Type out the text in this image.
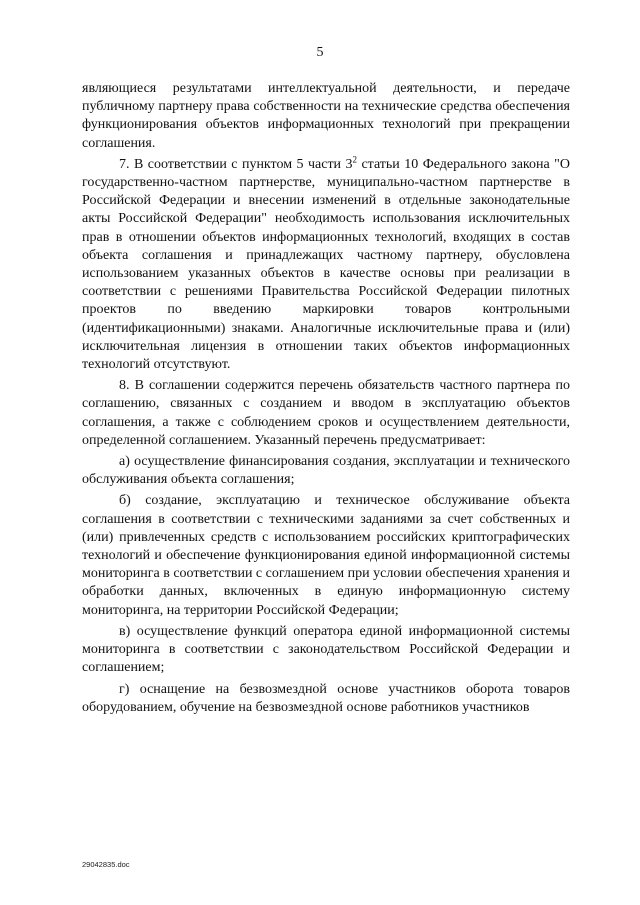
5

являющиеся результатами интеллектуальной деятельности, и передаче публичному партнеру права собственности на технические средства обеспечения функционирования объектов информационных технологий при прекращении соглашения.

7. В соответствии с пунктом 5 части $3^2$ статьи 10 Федерального закона "О государственно-частном партнерстве, муниципально-частном партнерстве в Российской Федерации и внесении изменений в отдельные законодательные акты Российской Федерации" необходимость использования исключительных прав в отношении объектов информационных технологий, входящих в состав объекта соглашения и принадлежащих частному партнеру, обусловлена использованием указанных объектов в качестве основы при реализации в соответствии с решениями Правительства Российской Федерации пилотных проектов по введению маркировки товаров контрольными (идентификационными) знаками. Аналогичные исключительные права и (или) исключительная лицензия в отношении таких объектов информационных технологий отсутствуют.

8. В соглашении содержится перечень обязательств частного партнера по соглашению, связанных с созданием и вводом в эксплуатацию объектов соглашения, а также с соблюдением сроков и осуществлением деятельности, определенной соглашением. Указанный перечень предусматривает:

а) осуществление финансирования создания, эксплуатации и технического обслуживания объекта соглашения;

б) создание, эксплуатацию и техническое обслуживание объекта соглашения в соответствии с техническими заданиями за счет собственных и (или) привлеченных средств с использованием российских криптографических технологий и обеспечение функционирования единой информационной системы мониторинга в соответствии с соглашением при условии обеспечения хранения и обработки данных, включенных в единую информационную систему мониторинга, на территории Российской Федерации;

в) осуществление функций оператора единой информационной системы мониторинга в соответствии с законодательством Российской Федерации и соглашением;

г) оснащение на безвозмездной основе участников оборота товаров оборудованием, обучение на безвозмездной основе работников участников

29042835.doc
